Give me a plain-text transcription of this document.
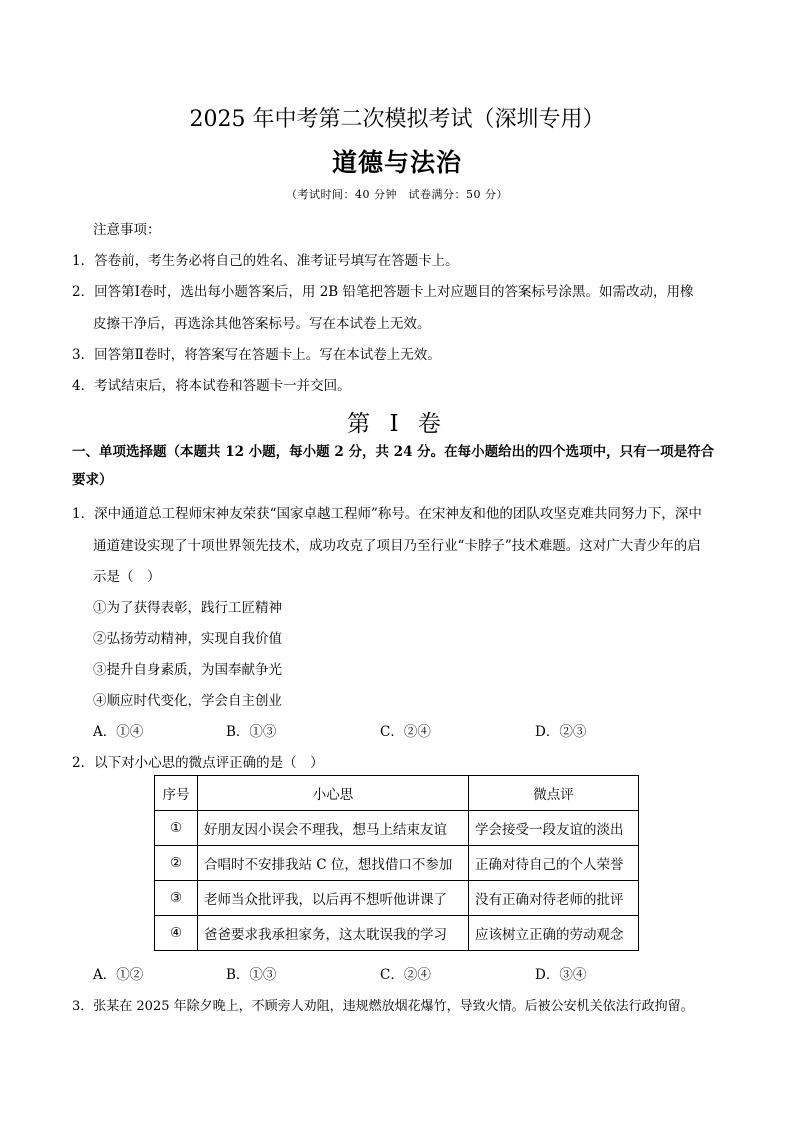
2025 年中考第二次模拟考试（深圳专用）
道德与法治
（考试时间：40 分钟　试卷满分：50 分）
注意事项：
1．答卷前，考生务必将自己的姓名、准考证号填写在答题卡上。
2．回答第Ⅰ卷时，选出每小题答案后，用 2B 铅笔把答题卡上对应题目的答案标号涂黑。如需改动，用橡
皮擦干净后，再选涂其他答案标号。写在本试卷上无效。
3．回答第Ⅱ卷时，将答案写在答题卡上。写在本试卷上无效。
4．考试结束后，将本试卷和答题卡一并交回。
第 I 卷
一、单项选择题（本题共 12 小题，每小题 2 分，共 24 分。在每小题给出的四个选项中，只有一项是符合
要求）
1．深中通道总工程师宋神友荣获“国家卓越工程师”称号。在宋神友和他的团队攻坚克难共同努力下，深中
通道建设实现了十项世界领先技术，成功攻克了项目乃至行业“卡脖子”技术难题。这对广大青少年的启
示是（　）
①为了获得表彰，践行工匠精神
②弘扬劳动精神，实现自我价值
③提升自身素质，为国奉献争光
④顺应时代变化，学会自主创业
A．①④	B．①③	C．②④	D．②③
2．以下对小心思的微点评正确的是（　）
序号	小心思	微点评
①	好朋友因小误会不理我，想马上结束友谊	学会接受一段友谊的淡出
②	合唱时不安排我站 C 位，想找借口不参加	正确对待自己的个人荣誉
③	老师当众批评我，以后再不想听他讲课了	没有正确对待老师的批评
④	爸爸要求我承担家务，这太耽误我的学习	应该树立正确的劳动观念
A．①②	B．①③	C．②④	D．③④
3．张某在 2025 年除夕晚上，不顾旁人劝阻，违规燃放烟花爆竹，导致火情。后被公安机关依法行政拘留。
